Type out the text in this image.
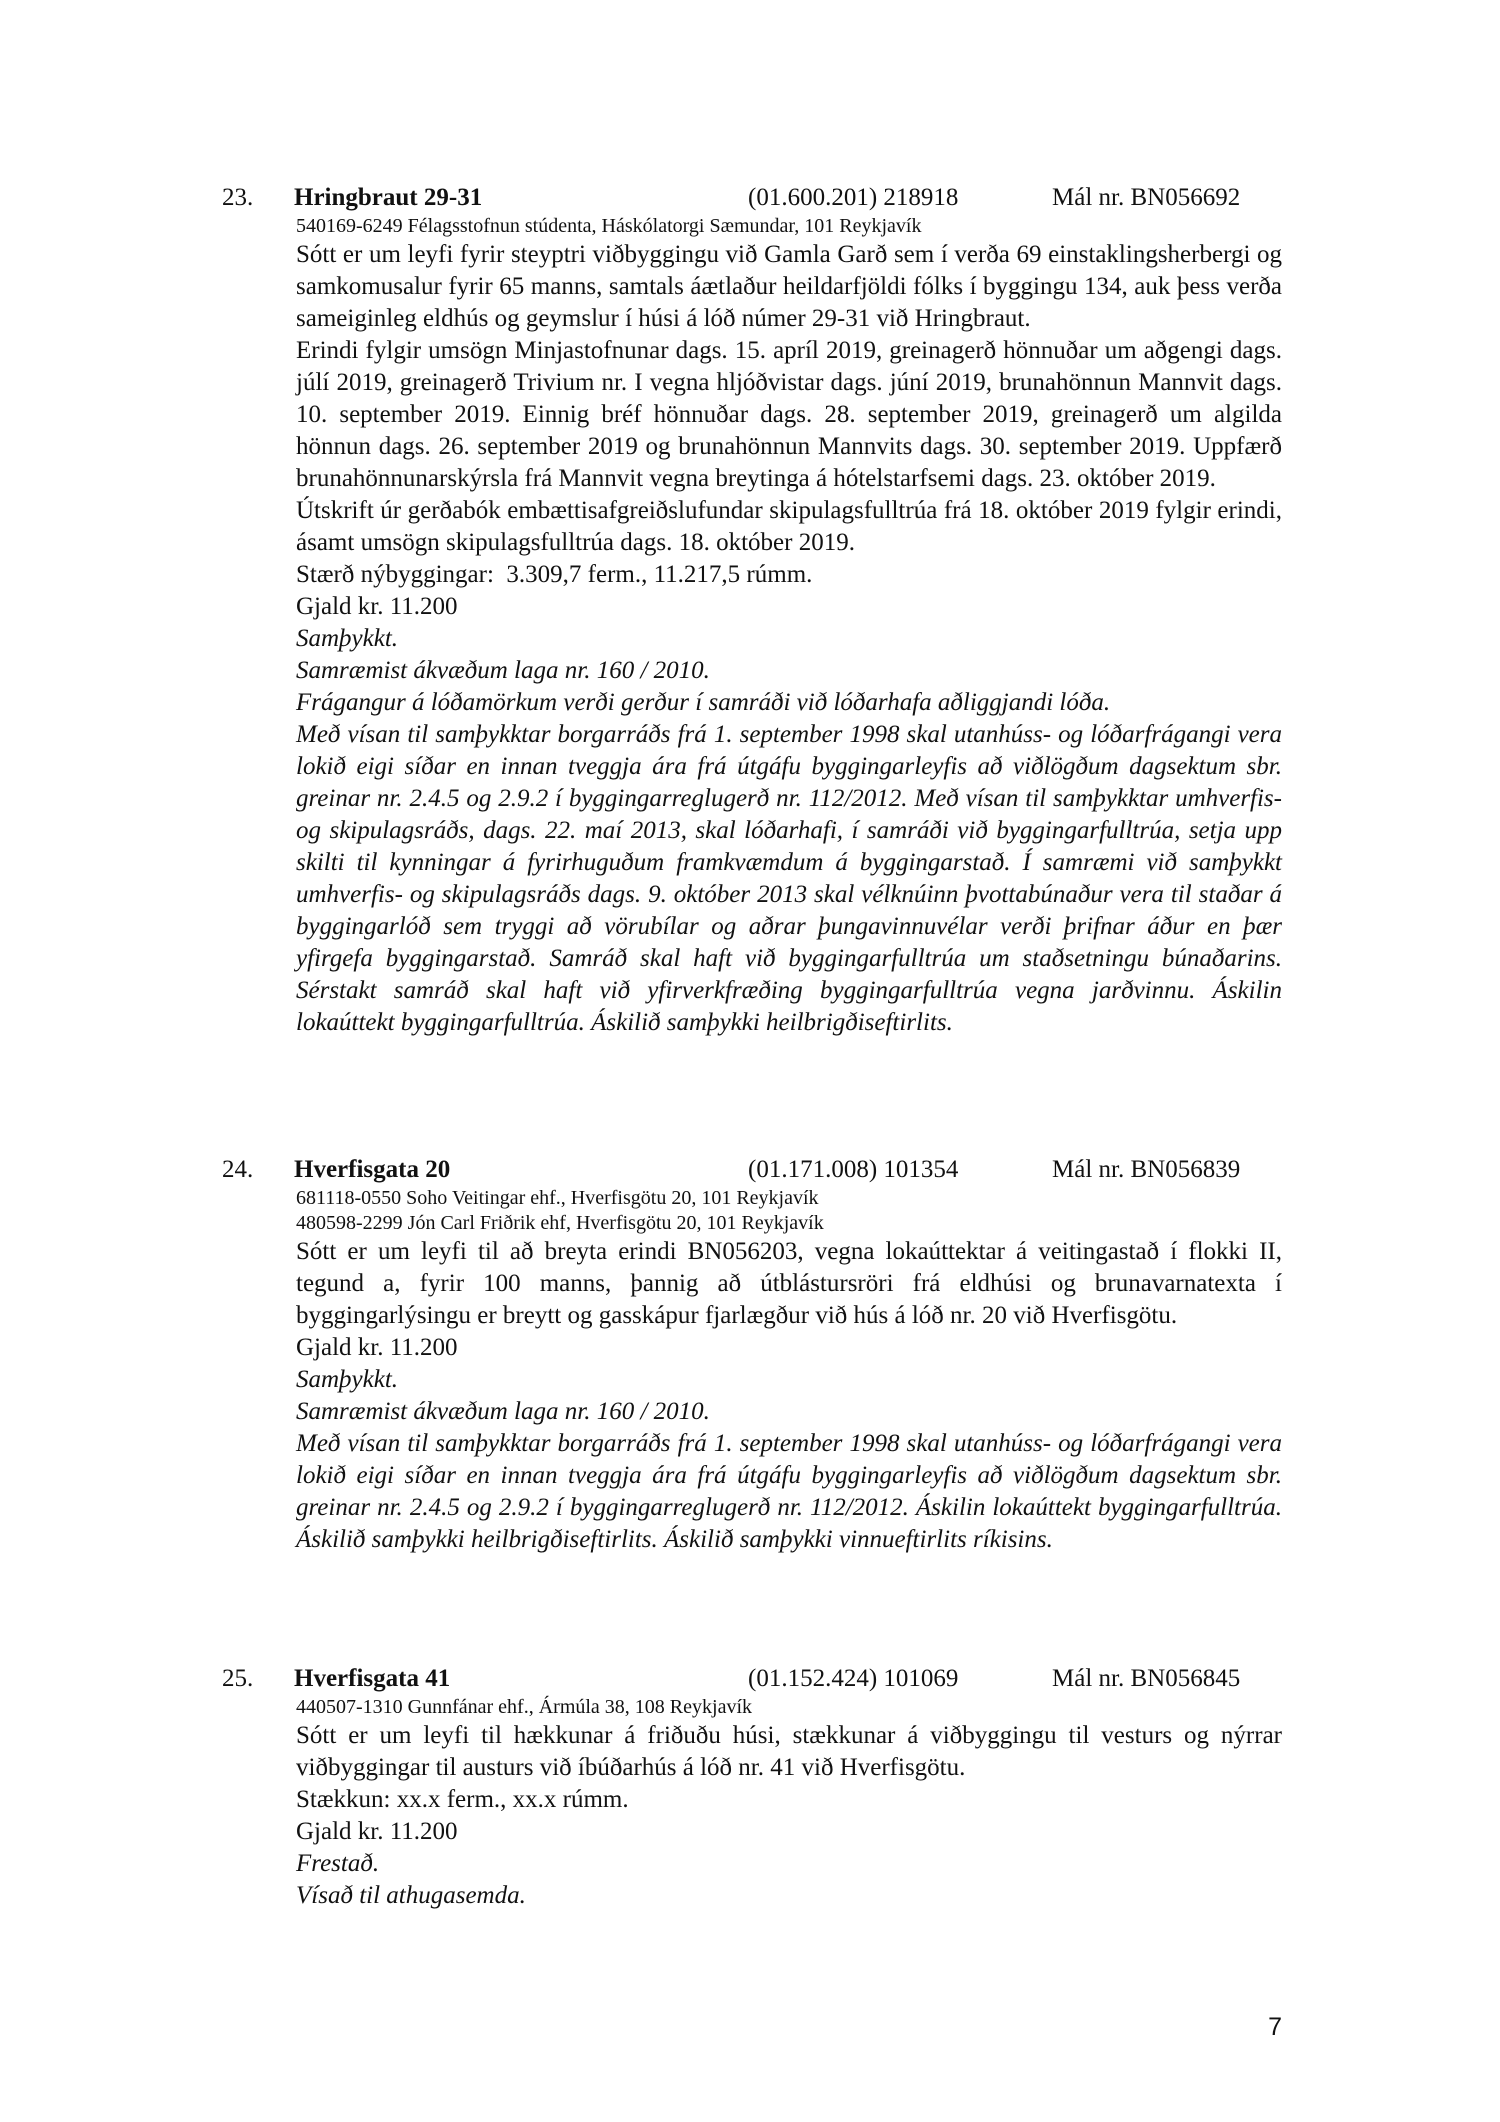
23. Hringbraut 29-31	(01.600.201) 218918	Mál nr. BN056692
540169-6249 Félagsstofnun stúdenta, Háskólatorgi Sæmundar, 101 Reykjavík
Sótt er um leyfi fyrir steyptri viðbyggingu við Gamla Garð sem í verða 69 einstaklingsherbergi og samkomusalur fyrir 65 manns, samtals áætlaður heildarfjöldi fólks í byggingu 134, auk þess verða sameiginleg eldhús og geymslur í húsi á lóð númer 29-31 við Hringbraut.
Erindi fylgir umsögn Minjastofnunar dags. 15. apríl 2019, greinagerð hönnuðar um aðgengi dags. júlí 2019, greinagerð Trivium nr. I vegna hljóðvistar dags. júní 2019, brunahönnun Mannvit dags. 10. september 2019. Einnig bréf hönnuðar dags. 28. september 2019, greinagerð um algilda hönnun dags. 26. september 2019 og brunahönnun Mannvits dags. 30. september 2019. Uppfærð brunahönnunarskýrsla frá Mannvit vegna breytinga á hótelstarfsemi dags. 23. október 2019.
Útskrift úr gerðabók embættisafgreiðslufundar skipulagsfulltrúa frá 18. október 2019 fylgir erindi, ásamt umsögn skipulagsfulltrúa dags. 18. október 2019.
Stærð nýbyggingar:  3.309,7 ferm., 11.217,5 rúmm.
Gjald kr. 11.200
Samþykkt.
Samræmist ákvæðum laga nr. 160 / 2010.
Frágangur á lóðamörkum verði gerður í samráði við lóðarhafa aðliggjandi lóða.
Með vísan til samþykktar borgarráðs frá 1. september 1998 skal utanhúss- og lóðarfrágangi vera lokið eigi síðar en innan tveggja ára frá útgáfu byggingarleyfis að viðlögðum dagsektum sbr. greinar nr. 2.4.5 og 2.9.2 í byggingarreglugerð nr. 112/2012. Með vísan til samþykktar umhverfis- og skipulagsráðs, dags. 22. maí 2013, skal lóðarhafi, í samráði við byggingarfulltrúa, setja upp skilti til kynningar á fyrirhuguðum framkvæmdum á byggingarstað. Í samræmi við samþykkt umhverfis- og skipulagsráðs dags. 9. október 2013 skal vélknúinn þvottabúnaður vera til staðar á byggingarlóð sem tryggi að vörubílar og aðrar þungavinnuvélar verði þrifnar áður en þær yfirgefa byggingarstað. Samráð skal haft við byggingarfulltrúa um staðsetningu búnaðarins. Sérstakt samráð skal haft við yfirverkfræðing byggingarfulltrúa vegna jarðvinnu. Áskilin lokaúttekt byggingarfulltrúa. Áskilið samþykki heilbrigðiseftirlits.
24. Hverfisgata 20	(01.171.008) 101354	Mál nr. BN056839
681118-0550 Soho Veitingar ehf., Hverfisgötu 20, 101 Reykjavík
480598-2299 Jón Carl Friðrik ehf, Hverfisgötu 20, 101 Reykjavík
Sótt er um leyfi til að breyta erindi BN056203, vegna lokaúttektar á veitingastað í flokki II, tegund a, fyrir 100 manns, þannig að útblástursröri frá eldhúsi og brunavarnatexta í byggingarlýsingu er breytt og gasskápur fjarlægður við hús á lóð nr. 20 við Hverfisgötu.
Gjald kr. 11.200
Samþykkt.
Samræmist ákvæðum laga nr. 160 / 2010.
Með vísan til samþykktar borgarráðs frá 1. september 1998 skal utanhúss- og lóðarfrágangi vera lokið eigi síðar en innan tveggja ára frá útgáfu byggingarleyfis að viðlögðum dagsektum sbr. greinar nr. 2.4.5 og 2.9.2 í byggingarreglugerð nr. 112/2012. Áskilin lokaúttekt byggingarfulltrúa. Áskilið samþykki heilbrigðiseftirlits. Áskilið samþykki vinnueftirlits ríkisins.
25. Hverfisgata 41	(01.152.424) 101069	Mál nr. BN056845
440507-1310 Gunnfánar ehf., Ármúla 38, 108 Reykjavík
Sótt er um leyfi til hækkunar á friðuðu húsi, stækkunar á viðbyggingu til vesturs og nýrrar viðbyggingar til austurs við íbúðarhús á lóð nr. 41 við Hverfisgötu.
Stækkun: xx.x ferm., xx.x rúmm.
Gjald kr. 11.200
Frestað.
Vísað til athugasemda.
7
